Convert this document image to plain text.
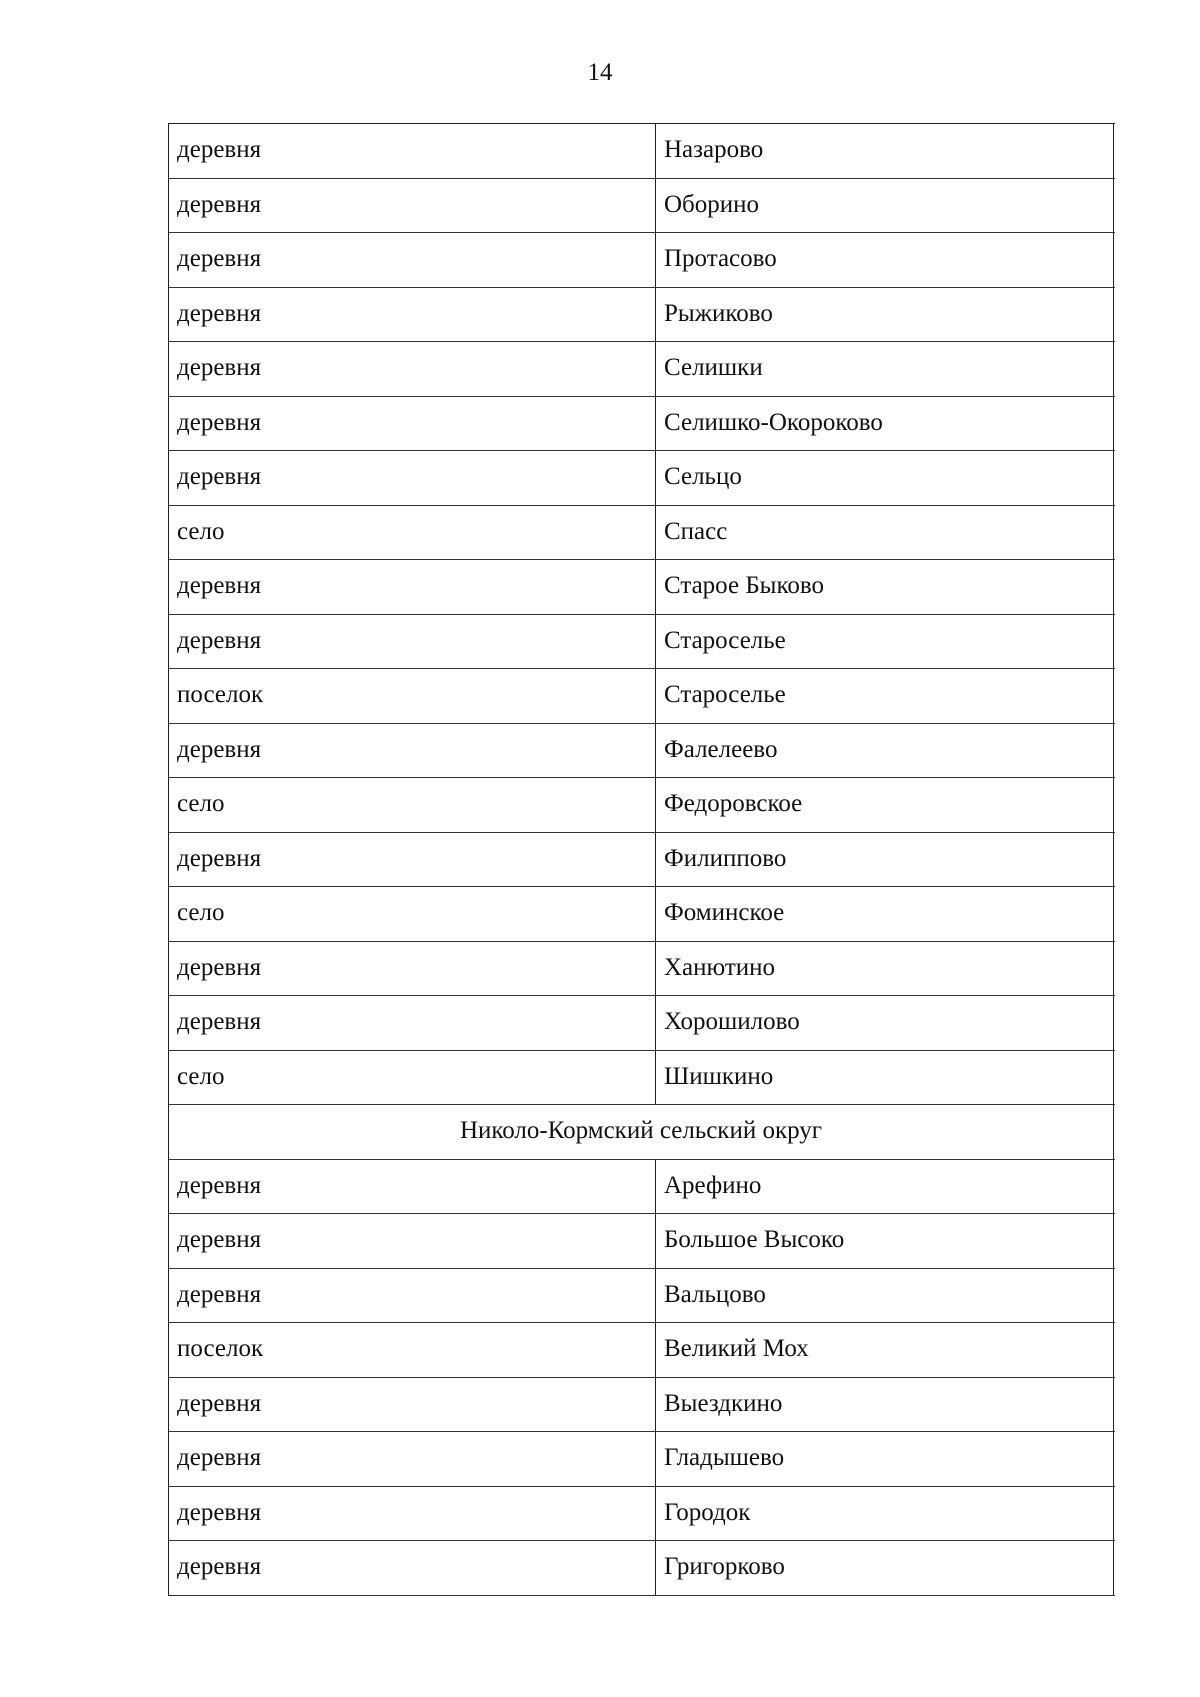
14
деревня	Назарово
деревня	Оборино
деревня	Протасово
деревня	Рыжиково
деревня	Селишки
деревня	Селишко-Окороково
деревня	Сельцо
село	Спасс
деревня	Старое Быково
деревня	Староселье
поселок	Староселье
деревня	Фалелеево
село	Федоровское
деревня	Филиппово
село	Фоминское
деревня	Ханютино
деревня	Хорошилово
село	Шишкино
Николо-Кормский сельский округ
деревня	Арефино
деревня	Большое Высоко
деревня	Вальцово
поселок	Великий Мох
деревня	Выездкино
деревня	Гладышево
деревня	Городок
деревня	Григорково
